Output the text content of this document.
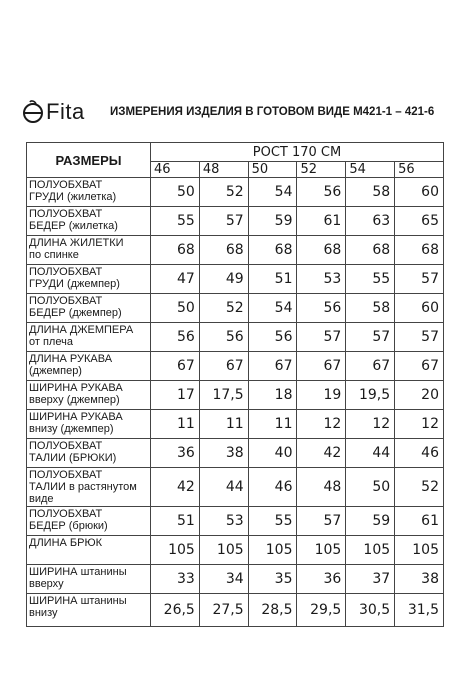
Fita ИЗМЕРЕНИЯ ИЗДЕЛИЯ В ГОТОВОМ ВИДЕ М421-1 – 421-6
РАЗМЕРЫ	РОСТ 170 СМ					
	46	48	50	52	54	56
ПОЛУОБХВАТ
ГРУДИ (жилетка)	50	52	54	56	58	60
ПОЛУОБХВАТ
БЕДЕР (жилетка)	55	57	59	61	63	65
ДЛИНА ЖИЛЕТКИ
по спинке	68	68	68	68	68	68
ПОЛУОБХВАТ
ГРУДИ (джемпер)	47	49	51	53	55	57
ПОЛУОБХВАТ
БЕДЕР (джемпер)	50	52	54	56	58	60
ДЛИНА ДЖЕМПЕРА
от плеча	56	56	56	57	57	57
ДЛИНА РУКАВА
(джемпер)	67	67	67	67	67	67
ШИРИНА РУКАВА
вверху (джемпер)	17	17,5	18	19	19,5	20
ШИРИНА РУКАВА
внизу (джемпер)	11	11	11	12	12	12
ПОЛУОБХВАТ
ТАЛИИ (БРЮКИ)	36	38	40	42	44	46
ПОЛУОБХВАТ
ТАЛИИ в растянутом
виде	42	44	46	48	50	52
ПОЛУОБХВАТ
БЕДЕР (брюки)	51	53	55	57	59	61
ДЛИНА БРЮК	105	105	105	105	105	105
ШИРИНА штанины
вверху	33	34	35	36	37	38
ШИРИНА штанины
внизу	26,5	27,5	28,5	29,5	30,5	31,5
